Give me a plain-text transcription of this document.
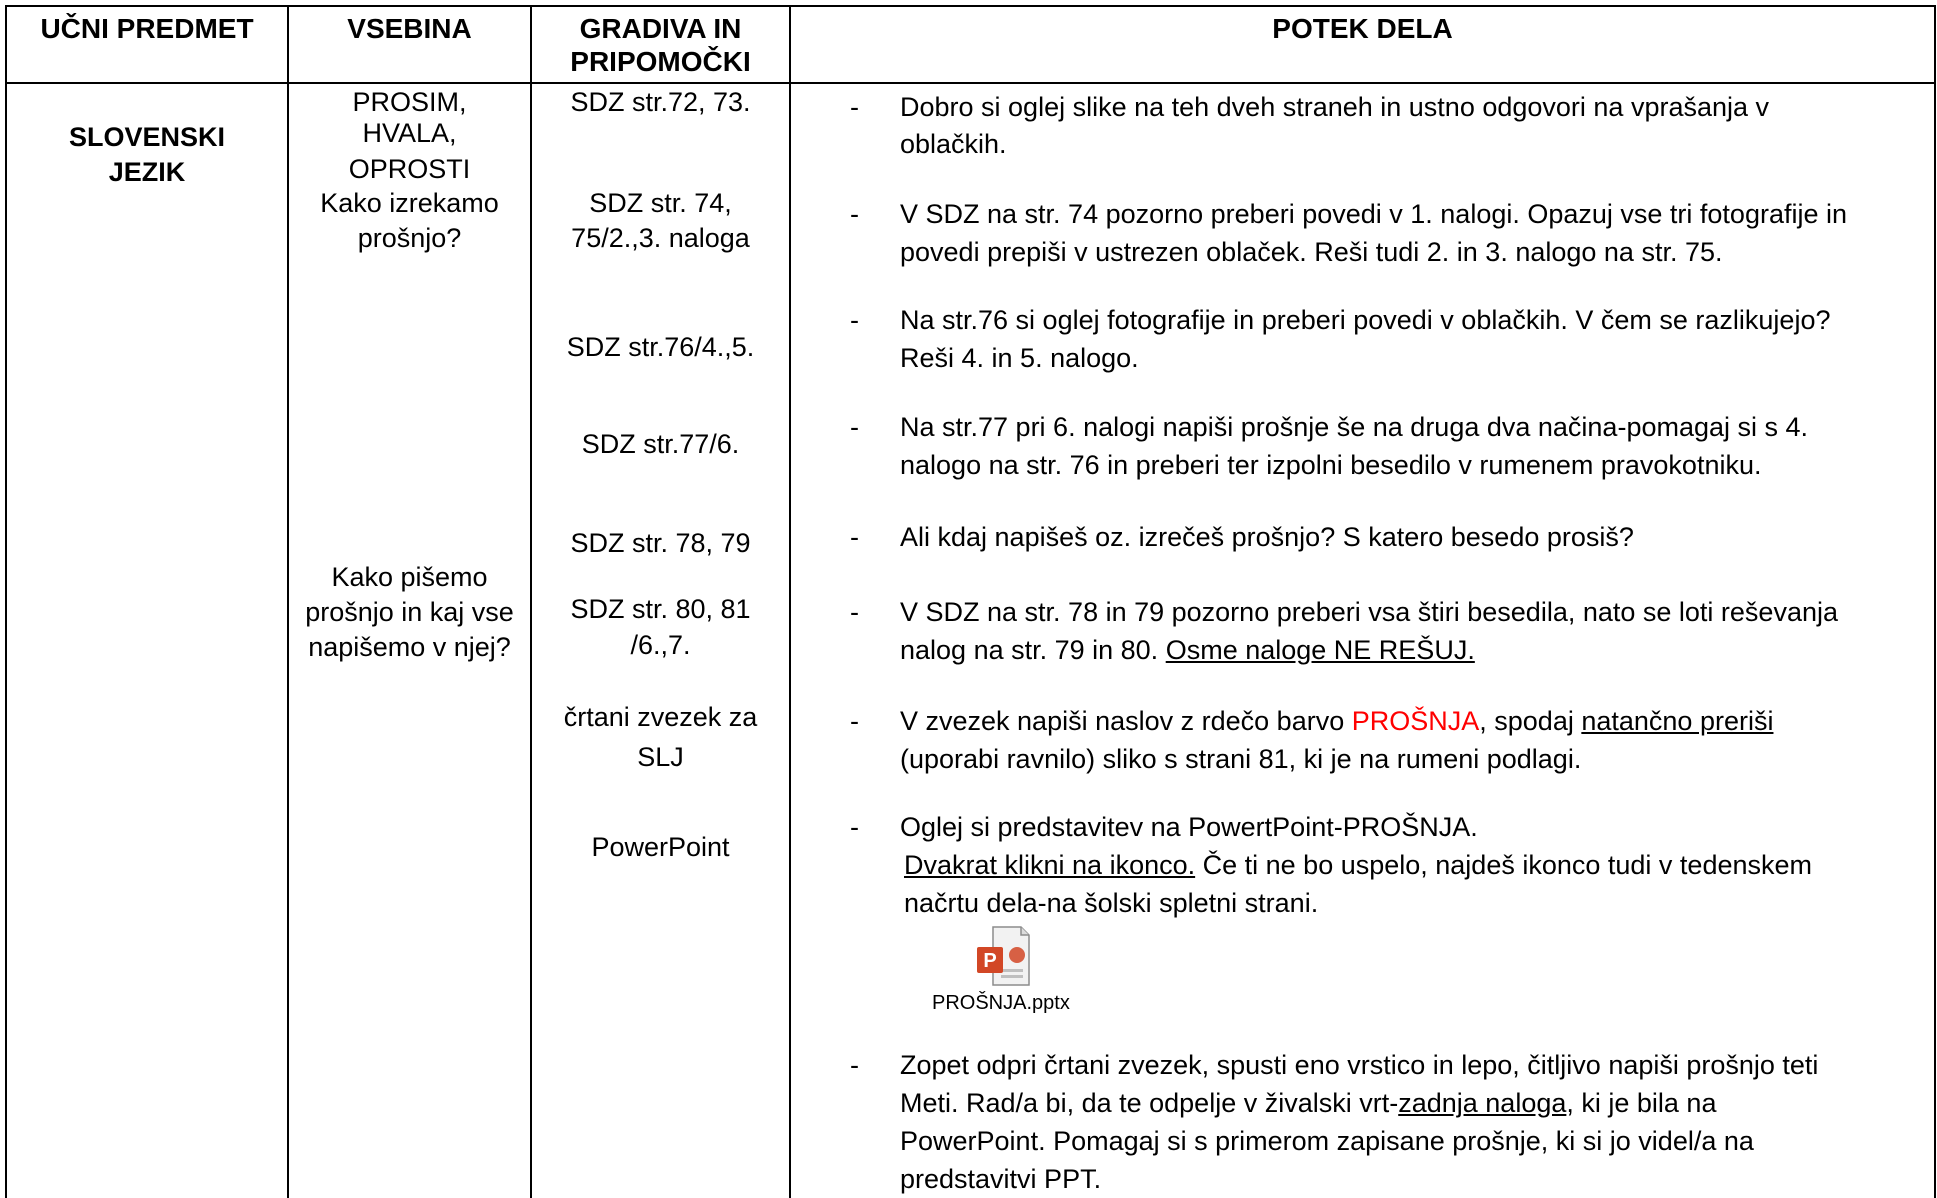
UČNI PREDMET	VSEBINA	GRADIVA IN
PRIPOMOČKI
POTEK DELA
SLOVENSKI
JEZIK
PROSIM,
HVALA,
OPROSTI
Kako izrekamo
prošnjo?
Kako pišemo
prošnjo in kaj vse
napišemo v njej?
SDZ str.72, 73.
SDZ str. 74,
75/2.,3. naloga
SDZ str.76/4.,5.
SDZ str.77/6.
SDZ str. 78, 79
SDZ str. 80, 81
/6.,7.
črtani zvezek za
SLJ
PowerPoint
-
-
-
-
-
-
-
-
-
Dobro si oglej slike na teh dveh straneh in ustno odgovori na vprašanja v
oblačkih.
V SDZ na str. 74 pozorno preberi povedi v 1. nalogi. Opazuj vse tri fotografije in
povedi prepiši v ustrezen oblaček. Reši tudi 2. in 3. nalogo na str. 75.
Na str.76 si oglej fotografije in preberi povedi v oblačkih. V čem se razlikujejo?
Reši 4. in 5. nalogo.
Na str.77 pri 6. nalogi napiši prošnje še na druga dva načina-pomagaj si s 4.
nalogo na str. 76 in preberi ter izpolni besedilo v rumenem pravokotniku.
Ali kdaj napišeš oz. izrečeš prošnjo? S katero besedo prosiš?
V SDZ na str. 78 in 79 pozorno preberi vsa štiri besedila, nato se loti reševanja
nalog na str. 79 in 80. Osme naloge NE REŠUJ.
V zvezek napiši naslov z rdečo barvo PROŠNJA, spodaj natančno preriši
(uporabi ravnilo) sliko s strani 81, ki je na rumeni podlagi.
Oglej si predstavitev na PowertPoint-PROŠNJA.
Dvakrat klikni na ikonco. Če ti ne bo uspelo, najdeš ikonco tudi v tedenskem
načrtu dela-na šolski spletni strani.
P
PROŠNJA.pptx
Zopet odpri črtani zvezek, spusti eno vrstico in lepo, čitljivo napiši prošnjo teti
Meti. Rad/a bi, da te odpelje v živalski vrt-zadnja naloga, ki je bila na
PowerPoint. Pomagaj si s primerom zapisane prošnje, ki si jo videl/a na
predstavitvi PPT.
